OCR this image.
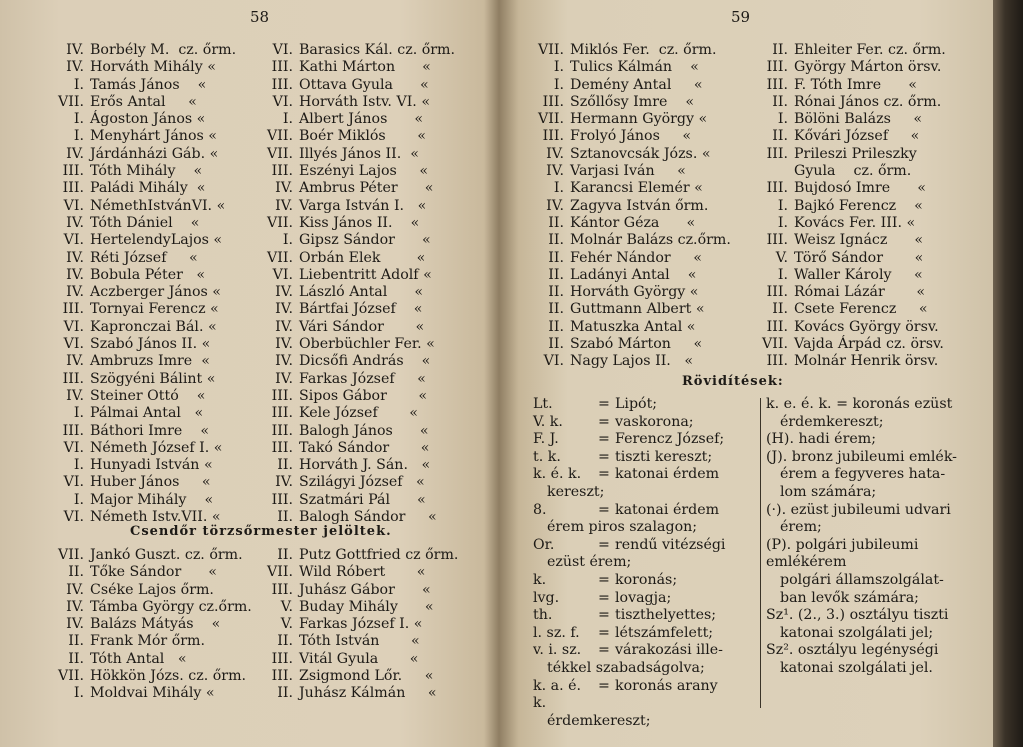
58
IV. Borbély M.  cz. őrm.
IV. Horváth Mihály «
I. Tamás János    «
VII. Erős Antal     «
I. Ágoston János «
I. Menyhárt János «
IV. Járdánházi Gáb. «
III. Tóth Mihály    «
III. Paládi Mihály  «
VI. NémethIstvánVI. «
IV. Tóth Dániel    «
VI. HertelendyLajos «
IV. Réti József     «
IV. Bobula Péter   «
IV. Aczberger János «
III. Tornyai Ferencz «
VI. Kapronczai Bál. «
VI. Szabó János II. «
IV. Ambruzs Imre  «
III. Szögyéni Bálint «
IV. Steiner Ottó    «
I. Pálmai Antal   «
III. Báthori Imre    «
VI. Németh József I. «
I. Hunyadi István «
VI. Huber János     «
I. Major Mihály    «
VI. Németh Istv.VII. «
VI. Barasics Kál. cz. őrm.
III. Kathi Márton      «
III. Ottava Gyula      «
VI. Horváth Istv. VI. «
I. Albert János      «
VII. Boér Miklós       «
VII. Illyés János II.  «
III. Eszényi Lajos     «
IV. Ambrus Péter      «
IV. Varga István I.   «
VII. Kiss János II.    «
I. Gipsz Sándor      «
VII. Orbán Elek        «
VI. Liebentritt Adolf «
IV. László Antal      «
IV. Bártfai József    «
IV. Vári Sándor       «
IV. Oberbüchler Fer. «
IV. Dicsőfi András    «
IV. Farkas József     «
III. Sipos Gábor       «
III. Kele József       «
III. Balogh János      «
III. Takó Sándor       «
II. Horváth J. Sán.   «
IV. Szilágyi József   «
III. Szatmári Pál      «
II. Balogh Sándor     «
Csendőr törzsőrmester jelöltek.
VII. Jankó Guszt. cz. őrm.
II. Tőke Sándor      «
IV. Cséke Lajos őrm.
IV. Támba György cz.őrm.
IV. Balázs Mátyás    «
II. Frank Mór őrm.
II. Tóth Antal   «
VII. Hökkön Józs. cz. őrm.
I. Moldvai Mihály «
II. Putz Gottfried cz őrm.
VII. Wild Róbert       «
III. Juhász Gábor      «
V. Buday Mihály      «
V. Farkas József I. «
II. Tóth István       «
III. Vitál Gyula       «
III. Zsigmond Lőr.     «
II. Juhász Kálmán     «
59
VII. Miklós Fer.  cz. őrm.
I. Tulics Kálmán    «
I. Demény Antal     «
III. Szőllősy Imre    «
VII. Hermann György «
III. Frolyó János     «
IV. Sztanovcsák Józs. «
IV. Varjasi Iván     «
I. Karancsi Elemér «
IV. Zagyva István őrm.
II. Kántor Géza      «
II. Molnár Balázs cz.őrm.
II. Fehér Nándor     «
II. Ladányi Antal    «
II. Horváth György «
II. Guttmann Albert «
II. Matuszka Antal «
II. Szabó Márton     «
VI. Nagy Lajos II.   «
II. Ehleiter Fer. cz. őrm.
III. György Márton örsv.
III. F. Tóth Imre      «
II. Rónai János cz. őrm.
I. Bölöni Balázs     «
II. Kővári József     «
III. Prileszi Prileszky
Gyula    cz. őrm.
III. Bujdosó Imre      «
I. Bajkó Ferencz    «
I. Kovács Fer. III. «
III. Weisz Ignácz      «
V. Törő Sándor       «
I. Waller Károly     «
III. Római Lázár       «
II. Csete Ferencz     «
III. Kovács György örsv.
VII. Vajda Árpád cz. örsv.
III. Molnár Henrik örsv.
Rövidítések:
Lt.	= Lipót;
V. k.	= vaskorona;
F. J.	= Ferencz József;
t. k.	= tiszti kereszt;
k. é. k.	= katonai érdem
kereszt;
8.	= katonai érdem
érem piros szalagon;
Or.	= rendű vitézségi
ezüst érem;
k.	= koronás;
lvg.	= lovagja;
th.	= tiszthelyettes;
l. sz. f.	= létszámfelett;
v. i. sz.	= várakozási ille-
tékkel szabadságolva;
k. a. é. k.
= koronás arany
érdemkereszt;
k. e. é. k. = koronás ezüst
érdemkereszt;
(H). hadi érem;
(J). bronz jubileumi emlék-
érem a fegyveres hata-
lom számára;
(·). ezüst jubileumi udvari
érem;
(P). polgári jubileumi emlékérem
polgári államszolgálat-
ban levők számára;
Sz¹. (2., 3.) osztályu tiszti
katonai szolgálati jel;
Sz². osztályu legénységi
katonai szolgálati jel.
